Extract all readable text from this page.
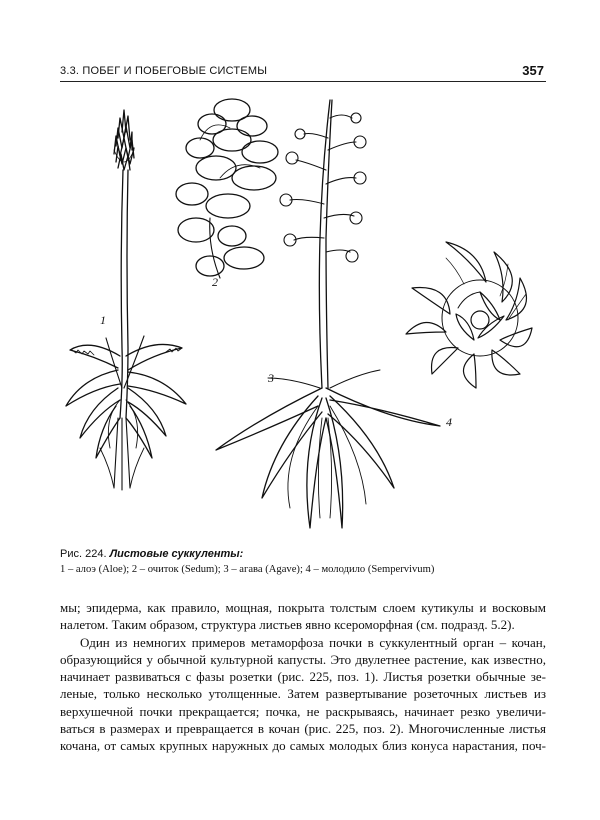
3.3. ПОБЕГ И ПОБЕГОВЫЕ СИСТЕМЫ	357
1
2
3
4
Рис. 224. Листовые суккуленты:
1 – алоэ (Aloe); 2 – очиток (Sedum); 3 – агава (Agave); 4 – молодило (Sempervivum)
мы; эпидерма, как правило, мощная, покрыта толстым слоем кутикулы и восковым
налетом. Таким образом, структура листьев явно ксероморфная (см. подразд. 5.2).
Один из немногих примеров метаморфоза почки в суккулентный орган – кочан,
образующийся у обычной культурной капусты. Это двулетнее растение, как известно,
начинает развиваться с фазы розетки (рис. 225, поз. 1). Листья розетки обычные зе-
леные, только несколько утолщенные. Затем развертывание розеточных листьев из
верхушечной почки прекращается; почка, не раскрываясь, начинает резко увеличи-
ваться в размерах и превращается в кочан (рис. 225, поз. 2). Многочисленные листья
кочана, от самых крупных наружных до самых молодых близ конуса нарастания, поч-
